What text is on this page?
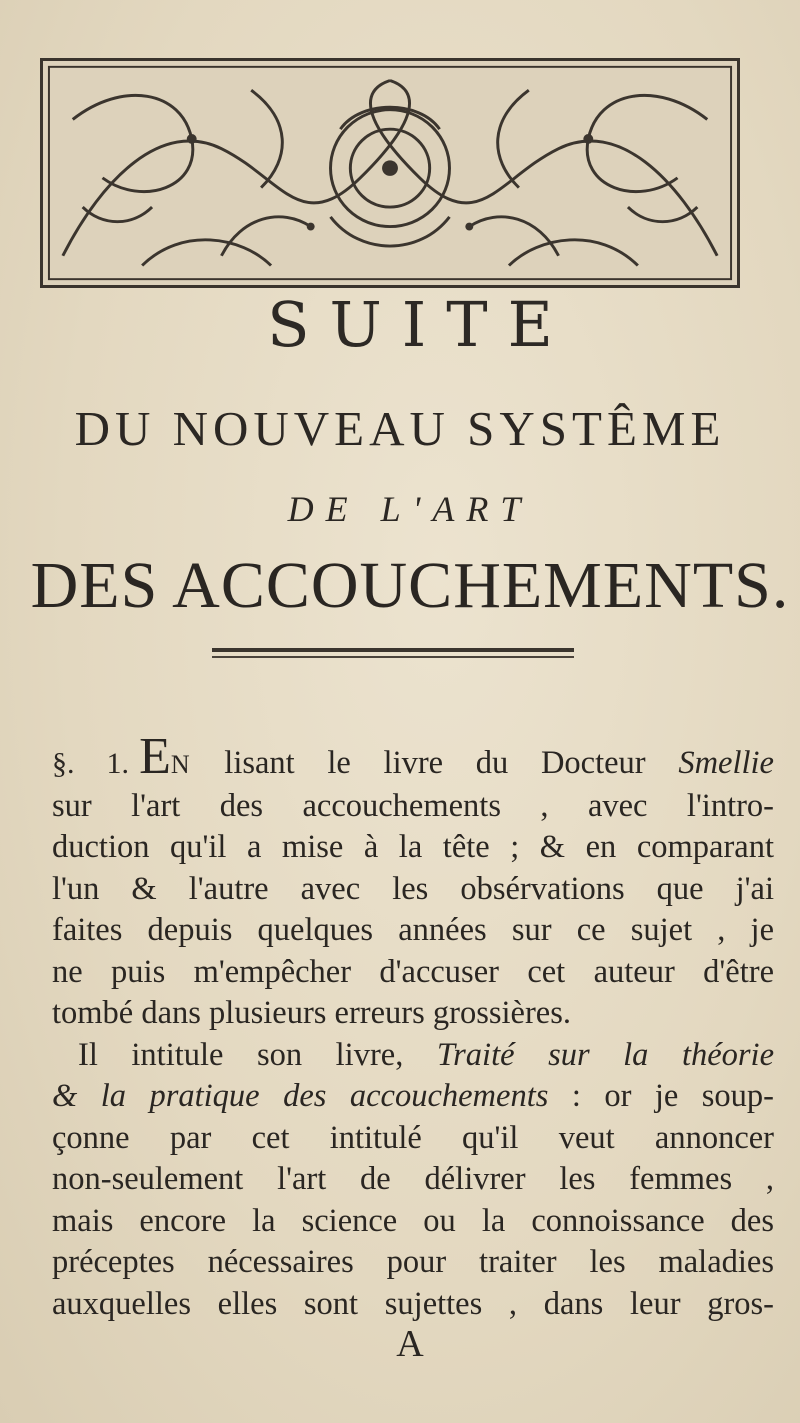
SUITE
DU NOUVEAU SYSTÊME
DE L'ART
DES ACCOUCHEMENTS.
§. 1. EN lisant le livre du Docteur Smellie
sur l'art des accouchements , avec l'intro-
duction qu'il a mise à la tête ; & en comparant
l'un & l'autre avec les obsérvations que j'ai
faites depuis quelques années sur ce sujet , je
ne puis m'empêcher d'accuser cet auteur d'être
tombé dans plusieurs erreurs grossières.
Il intitule son livre, Traité sur la théorie
& la pratique des accouchements : or je soup-
çonne par cet intitulé qu'il veut annoncer
non-seulement l'art de délivrer les femmes ,
mais encore la science ou la connoissance des
préceptes nécessaires pour traiter les maladies
auxquelles elles sont sujettes , dans leur gros-
A
